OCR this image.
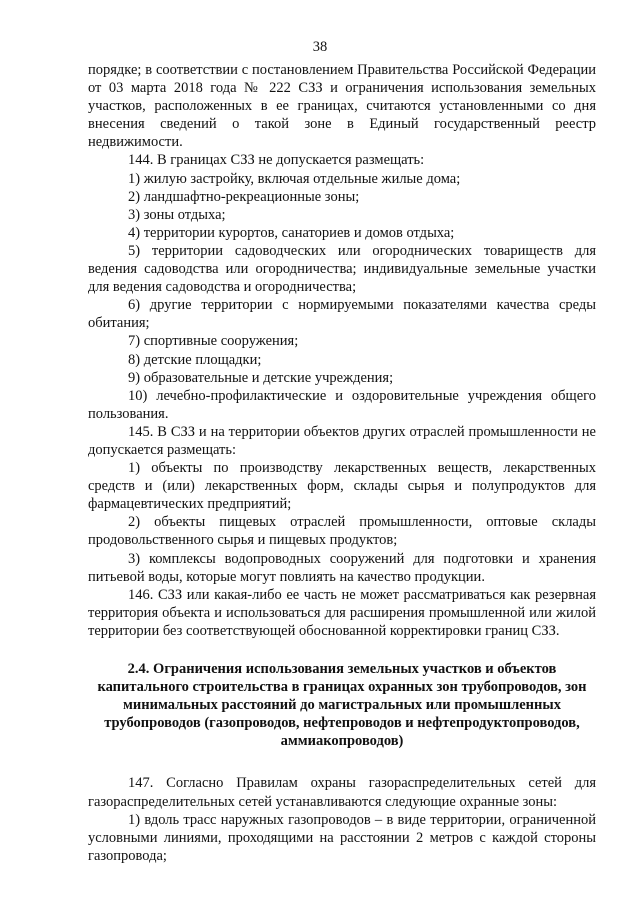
38

порядке; в соответствии с постановлением Правительства Российской Федерации от 03 марта 2018 года № 222 СЗЗ и ограничения использования земельных участков, расположенных в ее границах, считаются установленными со дня внесения сведений о такой зоне в Единый государственный реестр недвижимости.

144. В границах СЗЗ не допускается размещать:

1) жилую застройку, включая отдельные жилые дома;

2) ландшафтно-рекреационные зоны;

3) зоны отдыха;

4) территории курортов, санаториев и домов отдыха;

5) территории садоводческих или огороднических товариществ для ведения садоводства или огородничества; индивидуальные земельные участки для ведения садоводства и огородничества;

6) другие территории с нормируемыми показателями качества среды обитания;

7) спортивные сооружения;

8) детские площадки;

9) образовательные и детские учреждения;

10) лечебно-профилактические и оздоровительные учреждения общего пользования.

145. В СЗЗ и на территории объектов других отраслей промышленности не допускается размещать:

1) объекты по производству лекарственных веществ, лекарственных средств и (или) лекарственных форм, склады сырья и полупродуктов для фармацевтических предприятий;

2) объекты пищевых отраслей промышленности, оптовые склады продовольственного сырья и пищевых продуктов;

3) комплексы водопроводных сооружений для подготовки и хранения питьевой воды, которые могут повлиять на качество продукции.

146. СЗЗ или какая-либо ее часть не может рассматриваться как резервная территория объекта и использоваться для расширения промышленной или жилой территории без соответствующей обоснованной корректировки границ СЗЗ.

2.4. Ограничения использования земельных участков и объектов капитального строительства в границах охранных зон трубопроводов, зон минимальных расстояний до магистральных или промышленных трубопроводов (газопроводов, нефтепроводов и нефтепродуктопроводов, аммиакопроводов)

147. Согласно Правилам охраны газораспределительных сетей для газораспределительных сетей устанавливаются следующие охранные зоны:

1) вдоль трасс наружных газопроводов – в виде территории, ограниченной условными линиями, проходящими на расстоянии 2 метров с каждой стороны газопровода;
